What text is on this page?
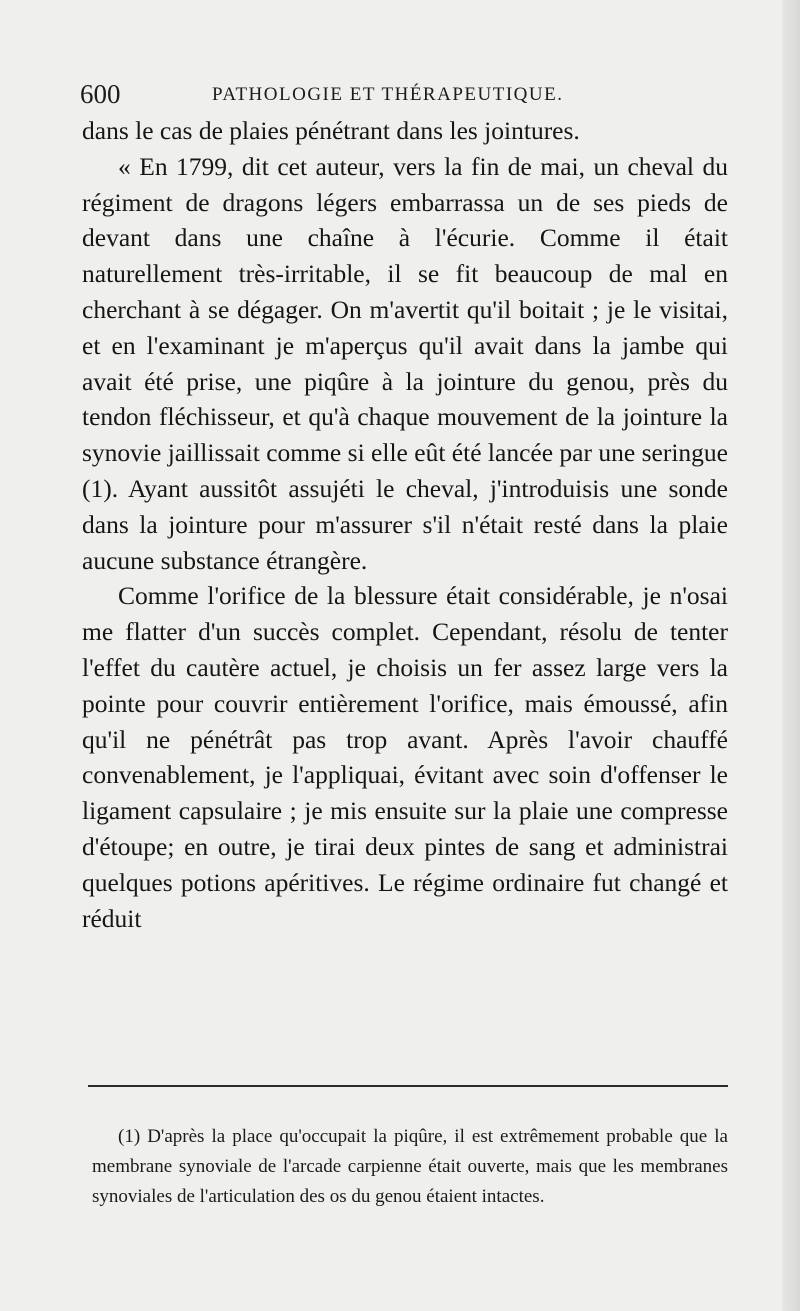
600	PATHOLOGIE ET THÉRAPEUTIQUE.

dans le cas de plaies pénétrant dans les jointures.

« En 1799, dit cet auteur, vers la fin de mai, un cheval du régiment de dragons légers embarrassa un de ses pieds de devant dans une chaîne à l'écurie. Comme il était naturellement très-irritable, il se fit beaucoup de mal en cherchant à se dégager. On m'avertit qu'il boitait ; je le visitai, et en l'examinant je m'aperçus qu'il avait dans la jambe qui avait été prise, une piqûre à la jointure du genou, près du tendon fléchisseur, et qu'à chaque mouvement de la jointure la synovie jaillissait comme si elle eût été lancée par une seringue (1). Ayant aussitôt assujéti le cheval, j'introduisis une sonde dans la jointure pour m'assurer s'il n'était resté dans la plaie aucune substance étrangère.

Comme l'orifice de la blessure était considérable, je n'osai me flatter d'un succès complet. Cependant, résolu de tenter l'effet du cautère actuel, je choisis un fer assez large vers la pointe pour couvrir entièrement l'orifice, mais émoussé, afin qu'il ne pénétrât pas trop avant. Après l'avoir chauffé convenablement, je l'appliquai, évitant avec soin d'offenser le ligament capsulaire ; je mis ensuite sur la plaie une compresse d'étoupe; en outre, je tirai deux pintes de sang et administrai quelques potions apéritives. Le régime ordinaire fut changé et réduit

(1) D'après la place qu'occupait la piqûre, il est extrêmement probable que la membrane synoviale de l'arcade carpienne était ouverte, mais que les membranes synoviales de l'articulation des os du genou étaient intactes.
